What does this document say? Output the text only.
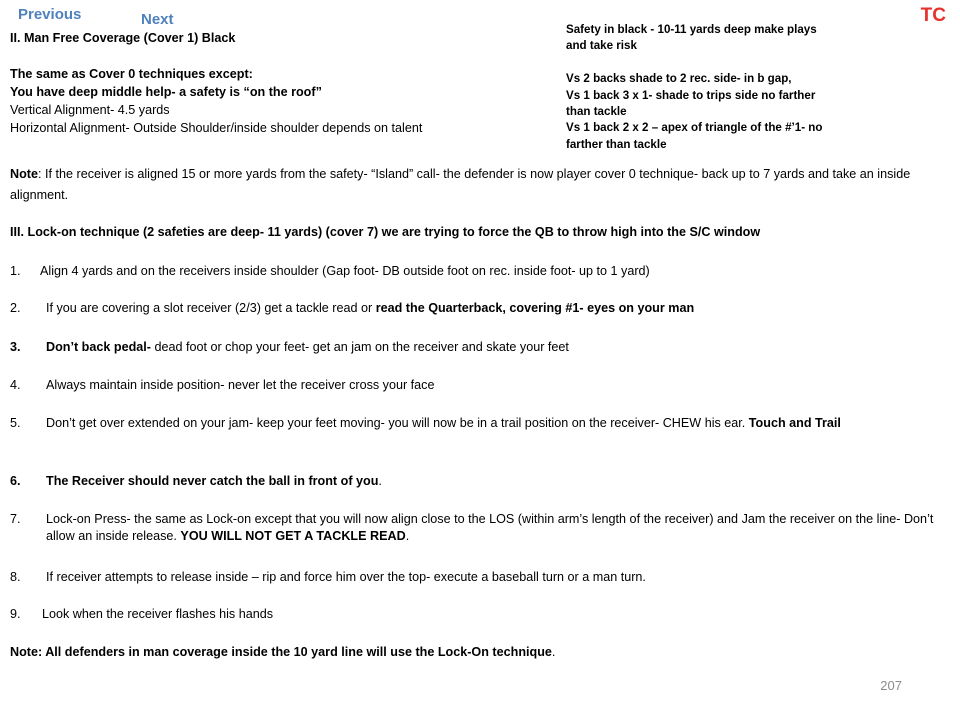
Previous	Next	TC
II. Man Free Coverage (Cover 1) Black
The same as Cover 0 techniques except:
You have deep middle help- a safety is “on the roof”
Vertical Alignment- 4.5 yards
Horizontal Alignment- Outside Shoulder/inside shoulder depends on talent
Safety in black - 10-11 yards deep make plays
and take risk
Vs 2 backs shade to 2 rec. side- in b gap,
Vs 1 back 3 x 1- shade to trips side no farther
than tackle
Vs 1 back 2 x 2 – apex of triangle of the #’1- no
farther than tackle
Note: If the receiver is aligned 15 or more yards from the safety- “Island” call- the defender is now player cover 0 technique- back up to 7 yards and take an inside alignment.
III. Lock-on technique (2 safeties are deep- 11 yards) (cover 7) we are trying to force the QB to throw high into the S/C window
1. Align 4 yards and on the receivers inside shoulder (Gap foot- DB outside foot on rec. inside foot- up to 1 yard)
2. If you are covering a slot receiver (2/3) get a tackle read or read the Quarterback, covering #1- eyes on your man
3. Don’t back pedal- dead foot or chop your feet- get an jam on the receiver and skate your feet
4. Always maintain inside position- never let the receiver cross your face
5. Don’t get over extended on your jam- keep your feet moving- you will now be in a trail position on the receiver- CHEW his ear. Touch and Trail
6. The Receiver should never catch the ball in front of you.
7. Lock-on Press- the same as Lock-on except that you will now align close to the LOS (within arm’s length of the receiver) and Jam the receiver on the line- Don’t allow an inside release. YOU WILL NOT GET A TACKLE READ.
8. If receiver attempts to release inside – rip and force him over the top- execute a baseball turn or a man turn.
9. Look when the receiver flashes his hands
Note: All defenders in man coverage inside the 10 yard line will use the Lock-On technique.
207
